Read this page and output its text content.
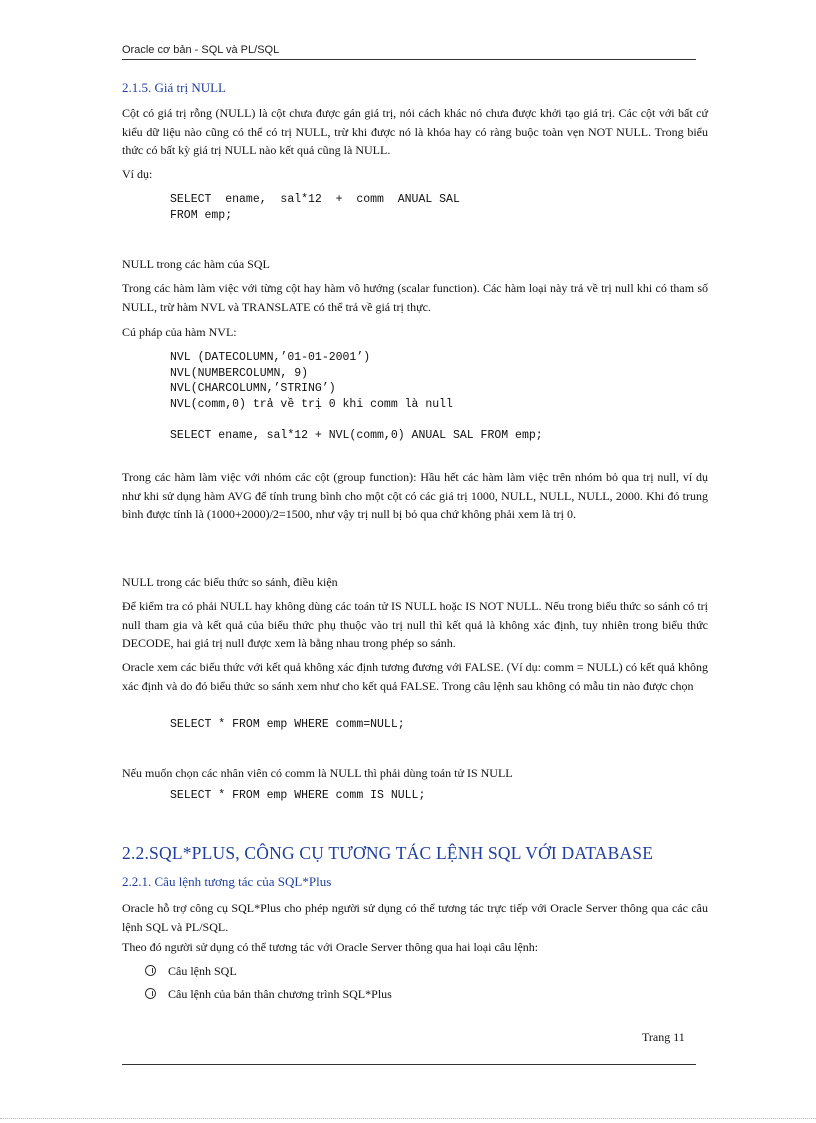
Oracle cơ bản - SQL và PL/SQL
2.1.5. Giá trị NULL
Cột có giá trị rỗng (NULL) là cột chưa được gán giá trị, nói cách khác nó chưa được khởi tạo giá trị. Các cột với bất cứ kiểu dữ liệu nào cũng có thể có trị NULL, trừ khi được nó là khóa hay có ràng buộc toàn vẹn NOT NULL. Trong biểu thức có bất kỳ giá trị NULL nào kết quả cũng là NULL.
Ví dụ:
SELECT  ename,  sal*12  +  comm  ANUAL SAL
FROM emp;
NULL trong các hàm của SQL
Trong các hàm làm việc với từng cột hay hàm vô hướng (scalar function). Các hàm loại này trả về trị null khi có tham số NULL, trừ hàm NVL và TRANSLATE có thể trả về giá trị thực.
Cú pháp của hàm NVL:
NVL (DATECOLUMN,’01-01-2001’)
NVL(NUMBERCOLUMN, 9)
NVL(CHARCOLUMN,’STRING’)
NVL(comm,0) trả về trị 0 khi comm là null

SELECT ename, sal*12 + NVL(comm,0) ANUAL SAL FROM emp;
Trong các hàm làm việc với nhóm các cột (group function): Hầu hết các hàm làm việc trên nhóm bỏ qua trị null, ví dụ như khi sử dụng hàm AVG để tính trung bình cho một cột có các giá trị 1000, NULL, NULL, NULL, 2000. Khi đó trung bình được tính là (1000+2000)/2=1500, như vậy trị null bị bỏ qua chứ không phải xem là trị 0.
NULL trong các biểu thức so sánh, điều kiện
Để kiểm tra có phải NULL hay không dùng các toán tử IS NULL hoặc IS NOT NULL. Nếu trong biểu thức so sánh có trị null tham gia và kết quả của biểu thức phụ thuộc vào trị null thì kết quả là không xác định, tuy nhiên trong biểu thức DECODE, hai giá trị null được xem là bằng nhau trong phép so sánh.
Oracle xem các biểu thức với kết quả không xác định tương đương với FALSE. (Ví dụ: comm = NULL) có kết quả không xác định và do đó biểu thức so sánh xem như cho kết quả FALSE. Trong câu lệnh sau không có mẫu tin nào được chọn
SELECT * FROM emp WHERE comm=NULL;
Nếu muốn chọn các nhân viên có comm là NULL thì phải dùng toán tử IS NULL
SELECT * FROM emp WHERE comm IS NULL;
2.2.SQL*PLUS, CÔNG CỤ TƯƠNG TÁC LỆNH SQL VỚI DATABASE
2.2.1. Câu lệnh tương tác của SQL*Plus
Oracle hỗ trợ công cụ SQL*Plus cho phép người sử dụng có thể tương tác trực tiếp với Oracle Server thông qua các câu lệnh SQL và PL/SQL.
Theo đó người sử dụng có thể tương tác với Oracle Server thông qua hai loại câu lệnh:
Câu lệnh SQL
Câu lệnh của bản thân chương trình SQL*Plus
Trang 11
